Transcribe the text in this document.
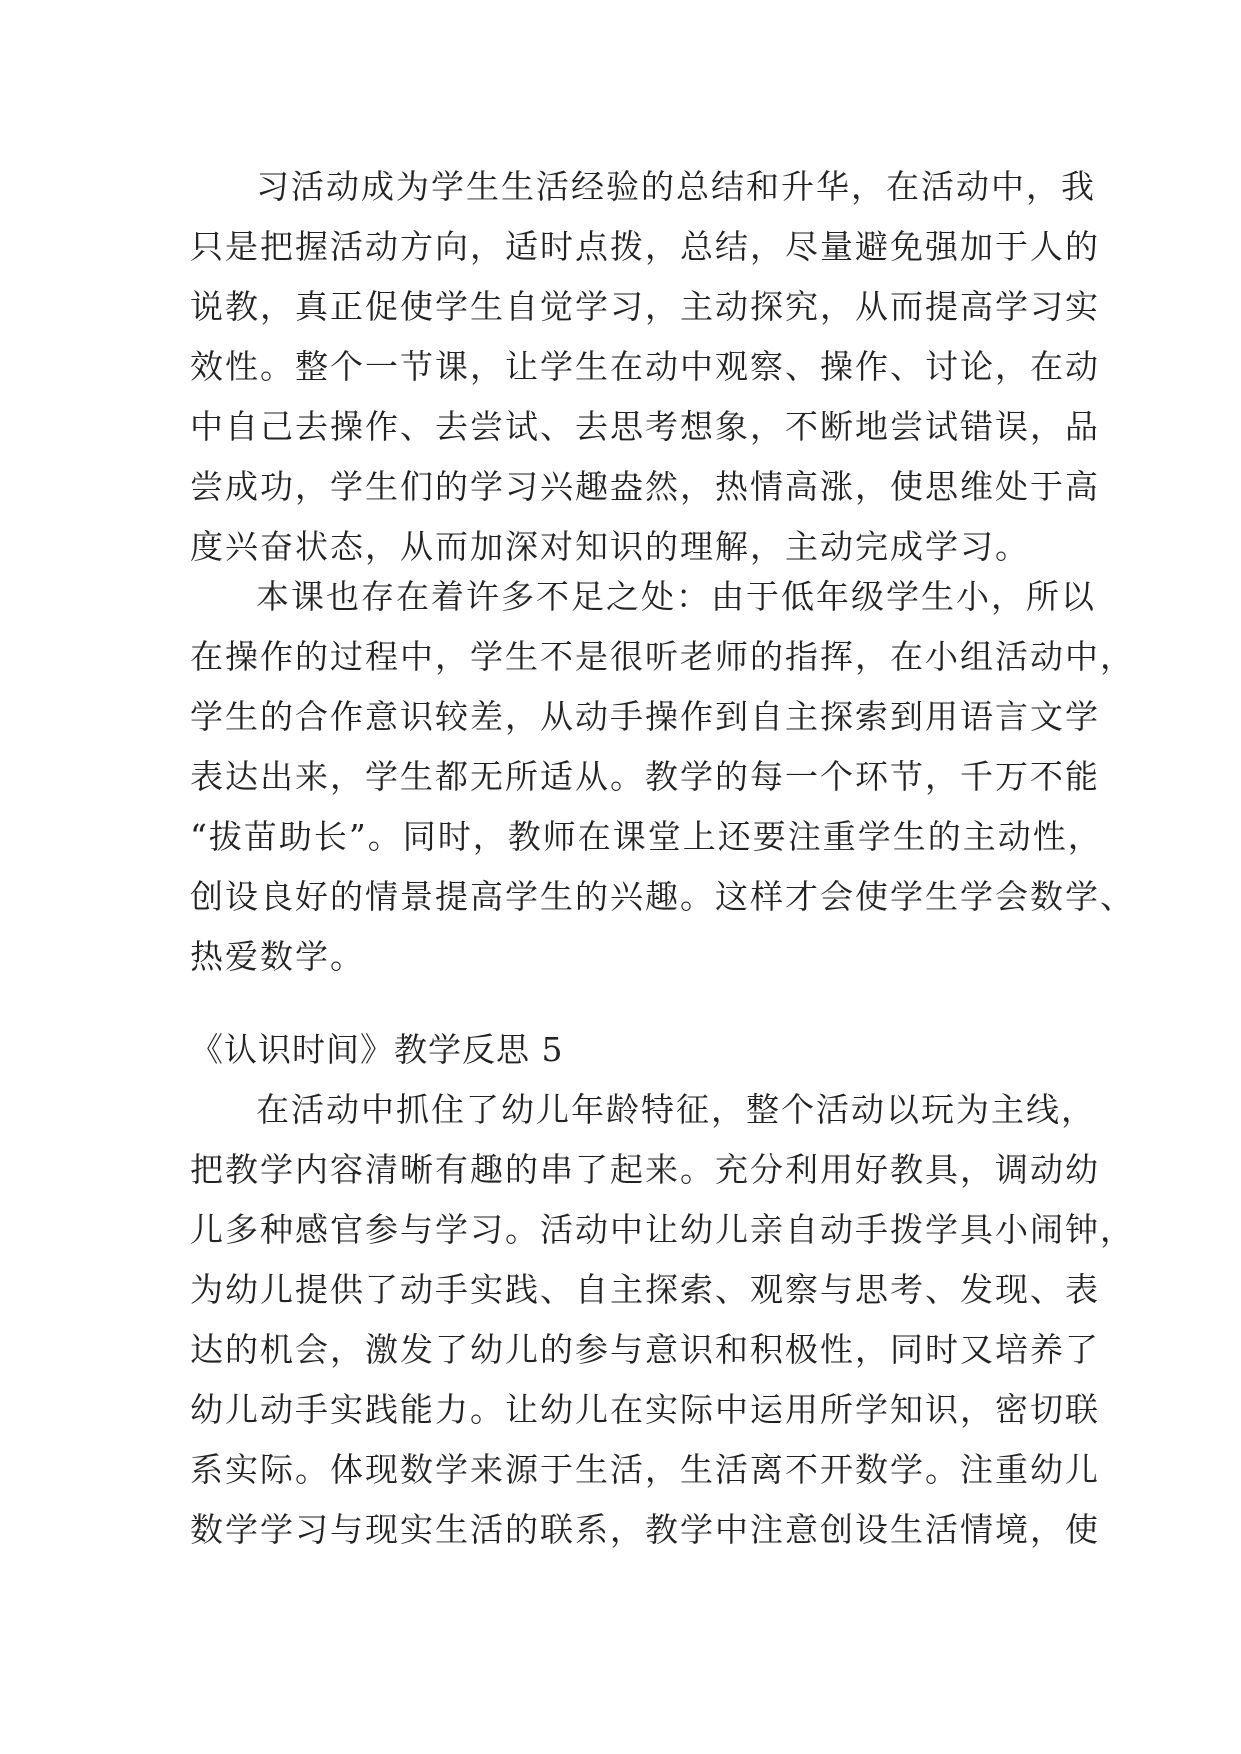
习活动成为学生生活经验的总结和升华，在活动中，我
只是把握活动方向，适时点拨，总结，尽量避免强加于人的
说教，真正促使学生自觉学习，主动探究，从而提高学习实
效性。整个一节课，让学生在动中观察、操作、讨论，在动
中自己去操作、去尝试、去思考想象，不断地尝试错误，品
尝成功，学生们的学习兴趣盎然，热情高涨，使思维处于高
度兴奋状态，从而加深对知识的理解，主动完成学习。
本课也存在着许多不足之处：由于低年级学生小，所以
在操作的过程中，学生不是很听老师的指挥，在小组活动中，
学生的合作意识较差，从动手操作到自主探索到用语言文学
表达出来，学生都无所适从。教学的每一个环节，千万不能
“拔苗助长”。同时，教师在课堂上还要注重学生的主动性，
创设良好的情景提高学生的兴趣。这样才会使学生学会数学、
热爱数学。
《认识时间》教学反思 5
在活动中抓住了幼儿年龄特征，整个活动以玩为主线，
把教学内容清晰有趣的串了起来。充分利用好教具，调动幼
儿多种感官参与学习。活动中让幼儿亲自动手拨学具小闹钟，
为幼儿提供了动手实践、自主探索、观察与思考、发现、表
达的机会，激发了幼儿的参与意识和积极性，同时又培养了
幼儿动手实践能力。让幼儿在实际中运用所学知识，密切联
系实际。体现数学来源于生活，生活离不开数学。注重幼儿
数学学习与现实生活的联系，教学中注意创设生活情境，使
